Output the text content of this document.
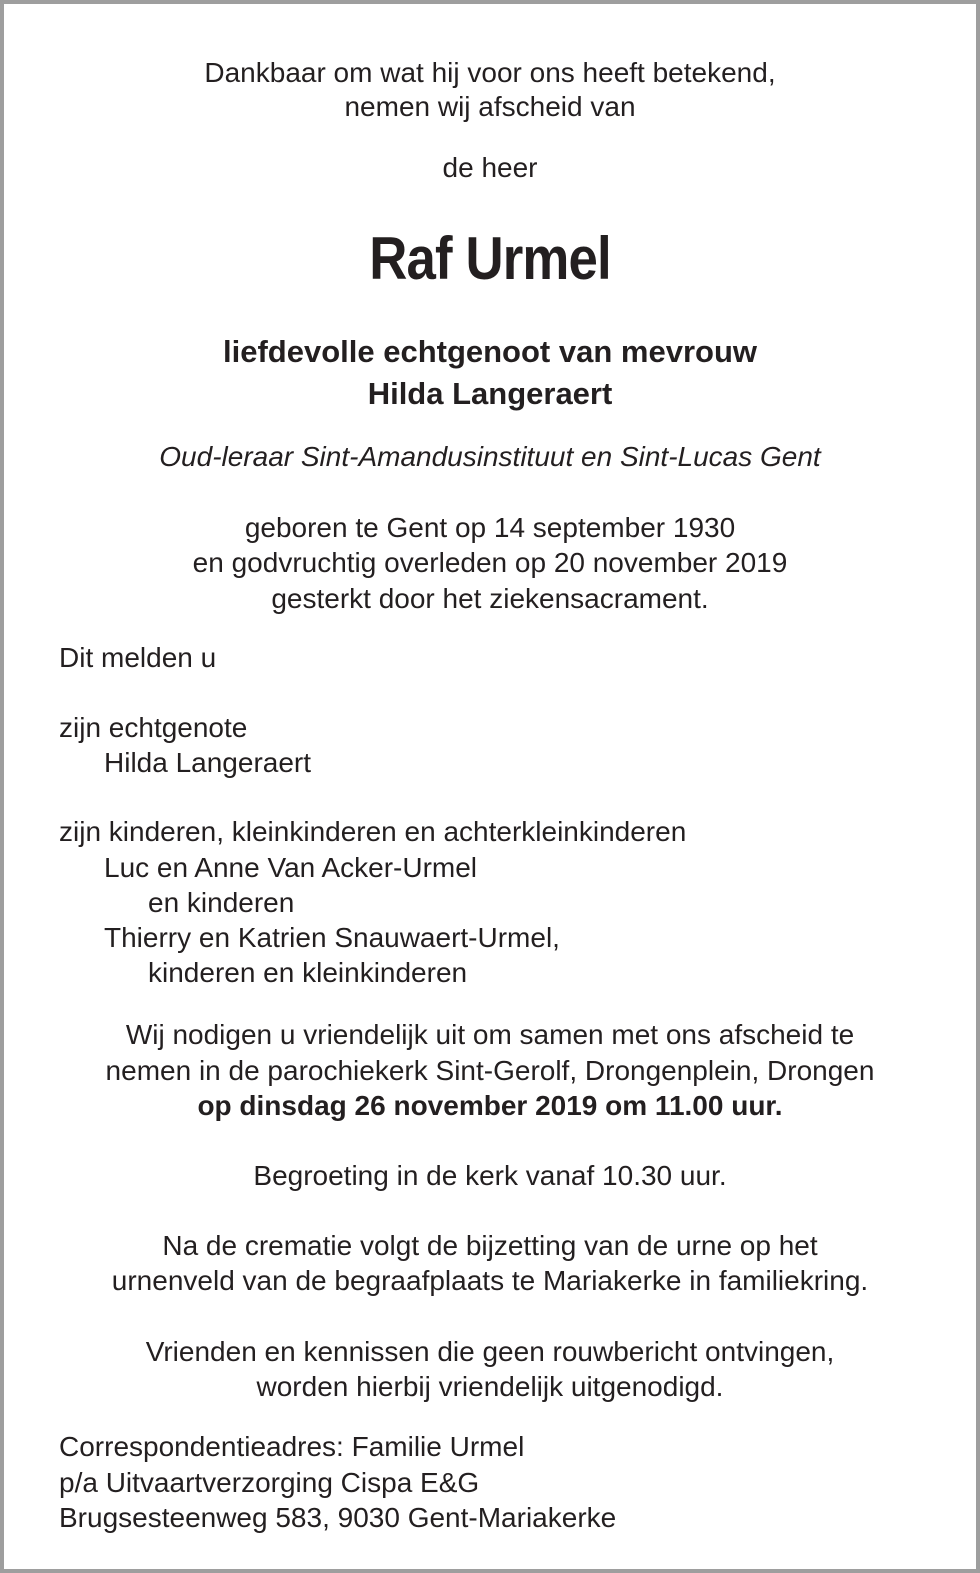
Dankbaar om wat hij voor ons heeft betekend,

nemen wij afscheid van

de heer

Raf Urmel

liefdevolle echtgenoot van mevrouw

Hilda Langeraert

Oud-leraar Sint-Amandusinstituut en Sint-Lucas Gent

geboren te Gent op 14 september 1930

en godvruchtig overleden op 20 november 2019

gesterkt door het ziekensacrament.

Dit melden u

zijn echtgenote

Hilda Langeraert

zijn kinderen, kleinkinderen en achterkleinkinderen

Luc en Anne Van Acker-Urmel

en kinderen

Thierry en Katrien Snauwaert-Urmel,

kinderen en kleinkinderen

Wij nodigen u vriendelijk uit om samen met ons afscheid te

nemen in de parochiekerk Sint-Gerolf, Drongenplein, Drongen

op dinsdag 26 november 2019 om 11.00 uur.

Begroeting in de kerk vanaf 10.30 uur.

Na de crematie volgt de bijzetting van de urne op het

urnenveld van de begraafplaats te Mariakerke in familiekring.

Vrienden en kennissen die geen rouwbericht ontvingen,

worden hierbij vriendelijk uitgenodigd.

Correspondentieadres: Familie Urmel

p/a Uitvaartverzorging Cispa E&G

Brugsesteenweg 583, 9030 Gent-Mariakerke
